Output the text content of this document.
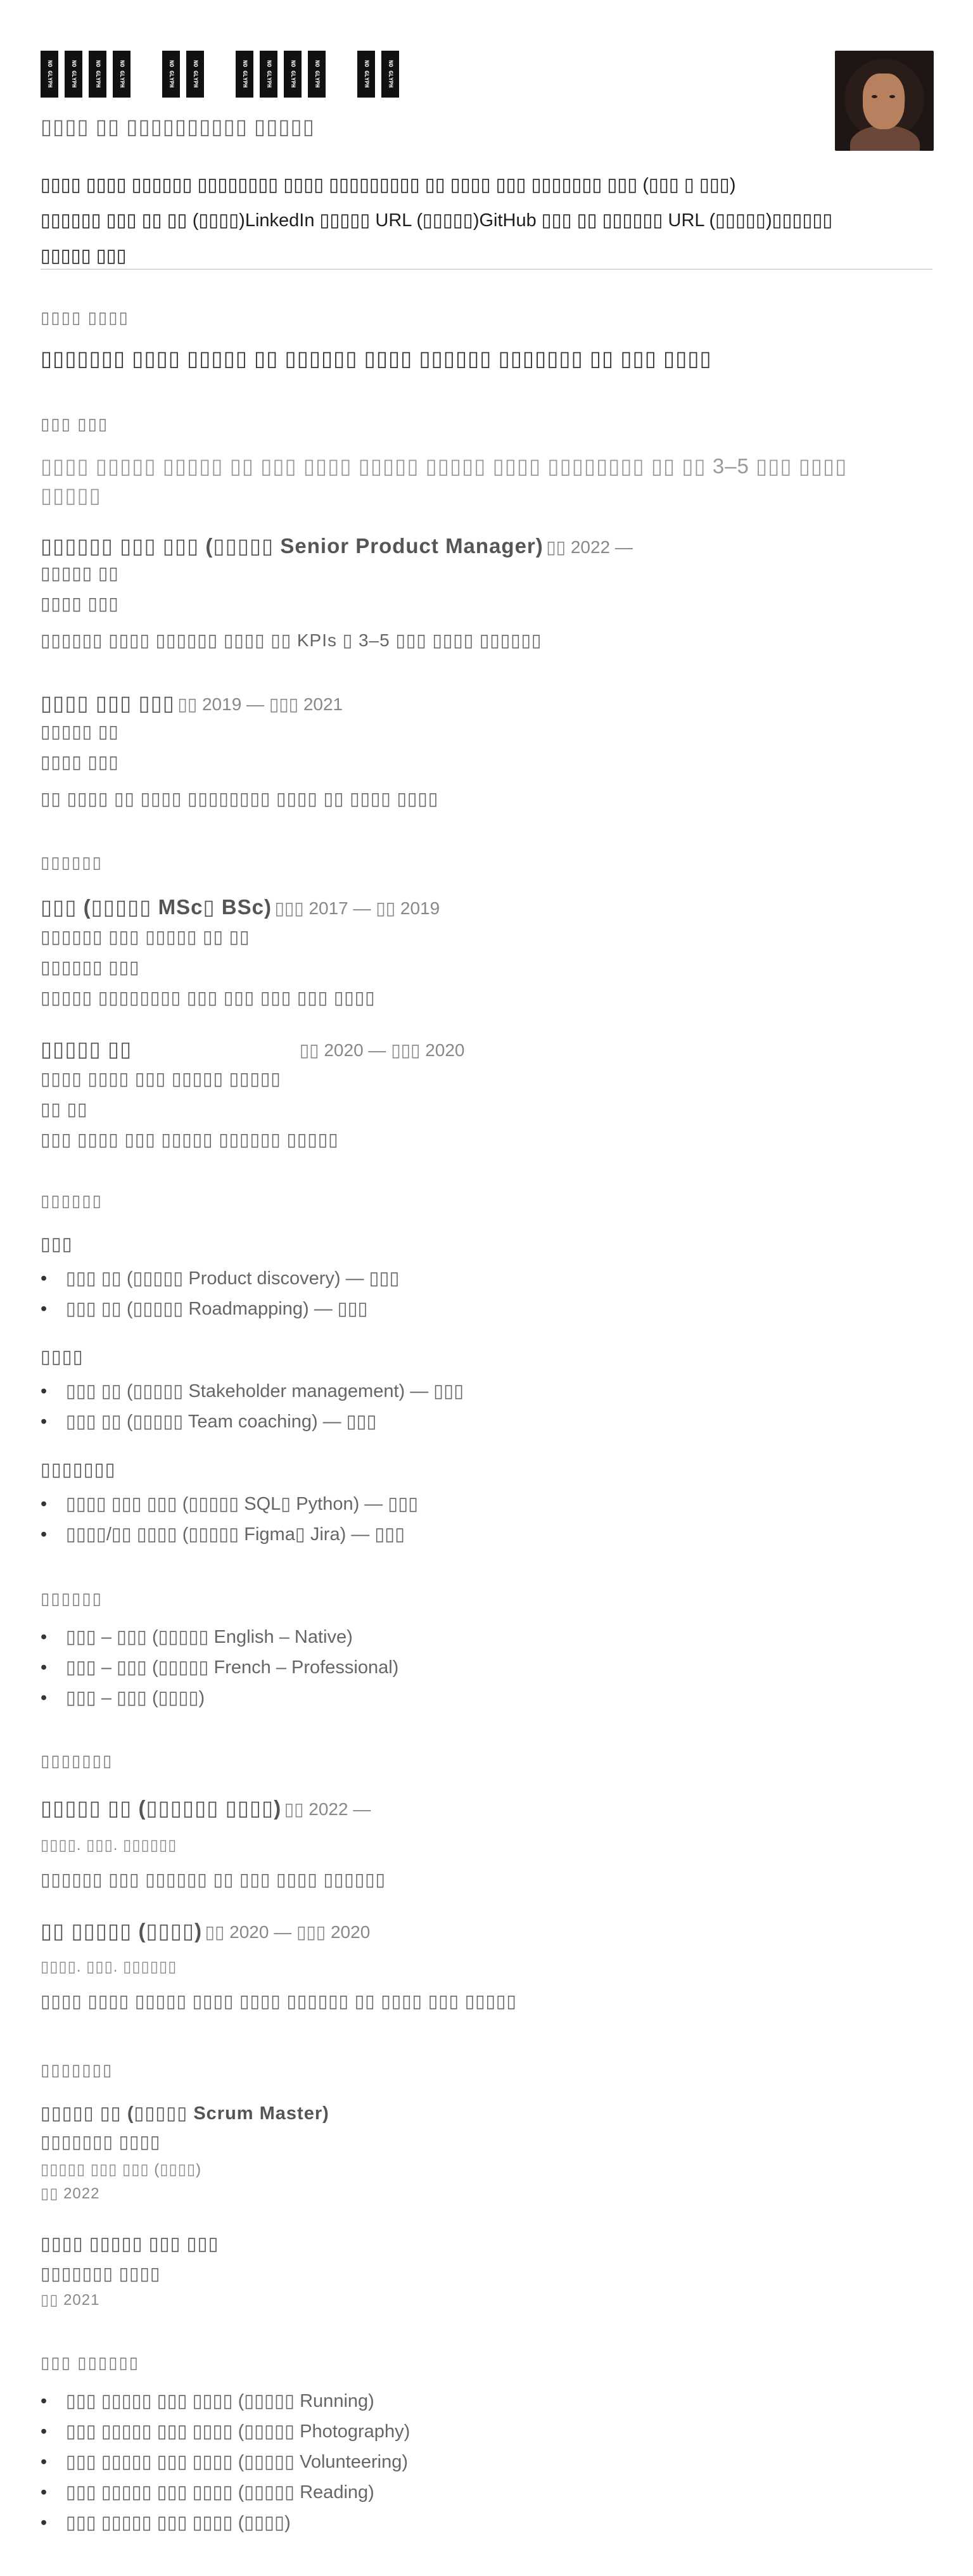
NO GLYPH	NO GLYPH	NO GLYPH	NO GLYPH	NO GLYPH	NO GLYPH	NO GLYPH	NO GLYPH	NO GLYPH	NO GLYPH	NO GLYPH	NO GLYPH
▯▯▯▯ ▯▯ ▯▯▯▯▯▯▯▯▯▯ ▯▯▯▯▯
▯▯▯▯ ▯▯▯▯ ▯▯▯▯▯▯ ▯▯▯▯▯▯▯▯ ▯▯▯▯ ▯▯▯▯▯▯▯▯▯ ▯▯ ▯▯▯▯ ▯▯▯ ▯▯▯▯▯▯▯ ▯▯▯ (▯▯▯ ▯ ▯▯▯)
▯▯▯▯▯▯ ▯▯▯ ▯▯ ▯▯ (▯▯▯▯)LinkedIn ▯▯▯▯▯ URL (▯▯▯▯▯)GitHub ▯▯▯ ▯▯ ▯▯▯▯▯▯ URL (▯▯▯▯▯)▯▯▯▯▯▯
▯▯▯▯▯ ▯▯▯
▯▯▯▯ ▯▯▯▯
▯▯▯▯▯▯▯ ▯▯▯▯ ▯▯▯▯▯ ▯▯ ▯▯▯▯▯▯ ▯▯▯▯ ▯▯▯▯▯▯ ▯▯▯▯▯▯▯ ▯▯ ▯▯▯ ▯▯▯▯
▯▯▯ ▯▯▯
▯▯▯▯ ▯▯▯▯▯ ▯▯▯▯▯ ▯▯ ▯▯▯ ▯▯▯▯ ▯▯▯▯▯ ▯▯▯▯▯ ▯▯▯▯ ▯▯▯▯▯▯▯▯ ▯▯ ▯▯ 3–5 ▯▯▯ ▯▯▯▯
▯▯▯▯▯
▯▯▯▯▯▯ ▯▯▯ ▯▯▯ (▯▯▯▯▯ Senior Product Manager) ▯▯ 2022 —
▯▯▯▯▯ ▯▯
▯▯▯▯ ▯▯▯
▯▯▯▯▯▯ ▯▯▯▯ ▯▯▯▯▯▯ ▯▯▯▯ ▯▯ KPIs ▯ 3–5 ▯▯▯ ▯▯▯▯ ▯▯▯▯▯▯
▯▯▯▯ ▯▯▯ ▯▯▯ ▯▯ 2019 — ▯▯▯ 2021
▯▯▯▯▯ ▯▯
▯▯▯▯ ▯▯▯
▯▯ ▯▯▯▯ ▯▯ ▯▯▯▯ ▯▯▯▯▯▯▯▯ ▯▯▯▯ ▯▯ ▯▯▯▯ ▯▯▯▯
▯▯▯▯▯▯
▯▯▯ (▯▯▯▯▯ MSc▯ BSc) ▯▯▯ 2017 — ▯▯ 2019
▯▯▯▯▯▯ ▯▯▯ ▯▯▯▯▯ ▯▯ ▯▯
▯▯▯▯▯▯ ▯▯▯
▯▯▯▯▯ ▯▯▯▯▯▯▯▯ ▯▯▯ ▯▯▯ ▯▯▯ ▯▯▯ ▯▯▯▯
▯▯▯▯▯ ▯▯	▯▯ 2020 — ▯▯▯ 2020
▯▯▯▯ ▯▯▯▯ ▯▯▯ ▯▯▯▯▯ ▯▯▯▯▯
▯▯ ▯▯
▯▯▯ ▯▯▯▯ ▯▯▯ ▯▯▯▯▯ ▯▯▯▯▯▯ ▯▯▯▯▯
▯▯▯▯▯▯
▯▯▯
• ▯▯▯ ▯▯ (▯▯▯▯▯ Product discovery) — ▯▯▯
• ▯▯▯ ▯▯ (▯▯▯▯▯ Roadmapping) — ▯▯▯
▯▯▯▯
• ▯▯▯ ▯▯ (▯▯▯▯▯ Stakeholder management) — ▯▯▯
• ▯▯▯ ▯▯ (▯▯▯▯▯ Team coaching) — ▯▯▯
▯▯▯▯▯▯▯
• ▯▯▯▯ ▯▯▯ ▯▯▯ (▯▯▯▯▯ SQL▯ Python) — ▯▯▯
• ▯▯▯▯/▯▯ ▯▯▯▯ (▯▯▯▯▯ Figma▯ Jira) — ▯▯▯
▯▯▯▯▯▯
• ▯▯▯ – ▯▯▯ (▯▯▯▯▯ English – Native)
• ▯▯▯ – ▯▯▯ (▯▯▯▯▯ French – Professional)
• ▯▯▯ – ▯▯▯ (▯▯▯▯)
▯▯▯▯▯▯▯
▯▯▯▯▯ ▯▯ (▯▯▯▯▯▯ ▯▯▯▯) ▯▯ 2022 —
▯▯▯▯. ▯▯▯. ▯▯▯▯▯▯
▯▯▯▯▯▯ ▯▯▯ ▯▯▯▯▯▯ ▯▯ ▯▯▯ ▯▯▯▯ ▯▯▯▯▯▯
▯▯ ▯▯▯▯▯ (▯▯▯▯) ▯▯ 2020 — ▯▯▯ 2020
▯▯▯▯. ▯▯▯. ▯▯▯▯▯▯
▯▯▯▯ ▯▯▯▯ ▯▯▯▯▯ ▯▯▯▯ ▯▯▯▯ ▯▯▯▯▯▯ ▯▯ ▯▯▯▯ ▯▯▯ ▯▯▯▯▯
▯▯▯▯▯▯▯
▯▯▯▯▯ ▯▯ (▯▯▯▯▯ Scrum Master)
▯▯▯▯▯▯▯ ▯▯▯▯
▯▯▯▯▯ ▯▯▯ ▯▯▯ (▯▯▯▯)
▯▯ 2022
▯▯▯▯ ▯▯▯▯▯ ▯▯▯ ▯▯▯
▯▯▯▯▯▯▯ ▯▯▯▯
▯▯ 2021
▯▯▯ ▯▯▯▯▯▯
• ▯▯▯ ▯▯▯▯▯ ▯▯▯ ▯▯▯▯ (▯▯▯▯▯ Running)
• ▯▯▯ ▯▯▯▯▯ ▯▯▯ ▯▯▯▯ (▯▯▯▯▯ Photography)
• ▯▯▯ ▯▯▯▯▯ ▯▯▯ ▯▯▯▯ (▯▯▯▯▯ Volunteering)
• ▯▯▯ ▯▯▯▯▯ ▯▯▯ ▯▯▯▯ (▯▯▯▯▯ Reading)
• ▯▯▯ ▯▯▯▯▯ ▯▯▯ ▯▯▯▯ (▯▯▯▯)
